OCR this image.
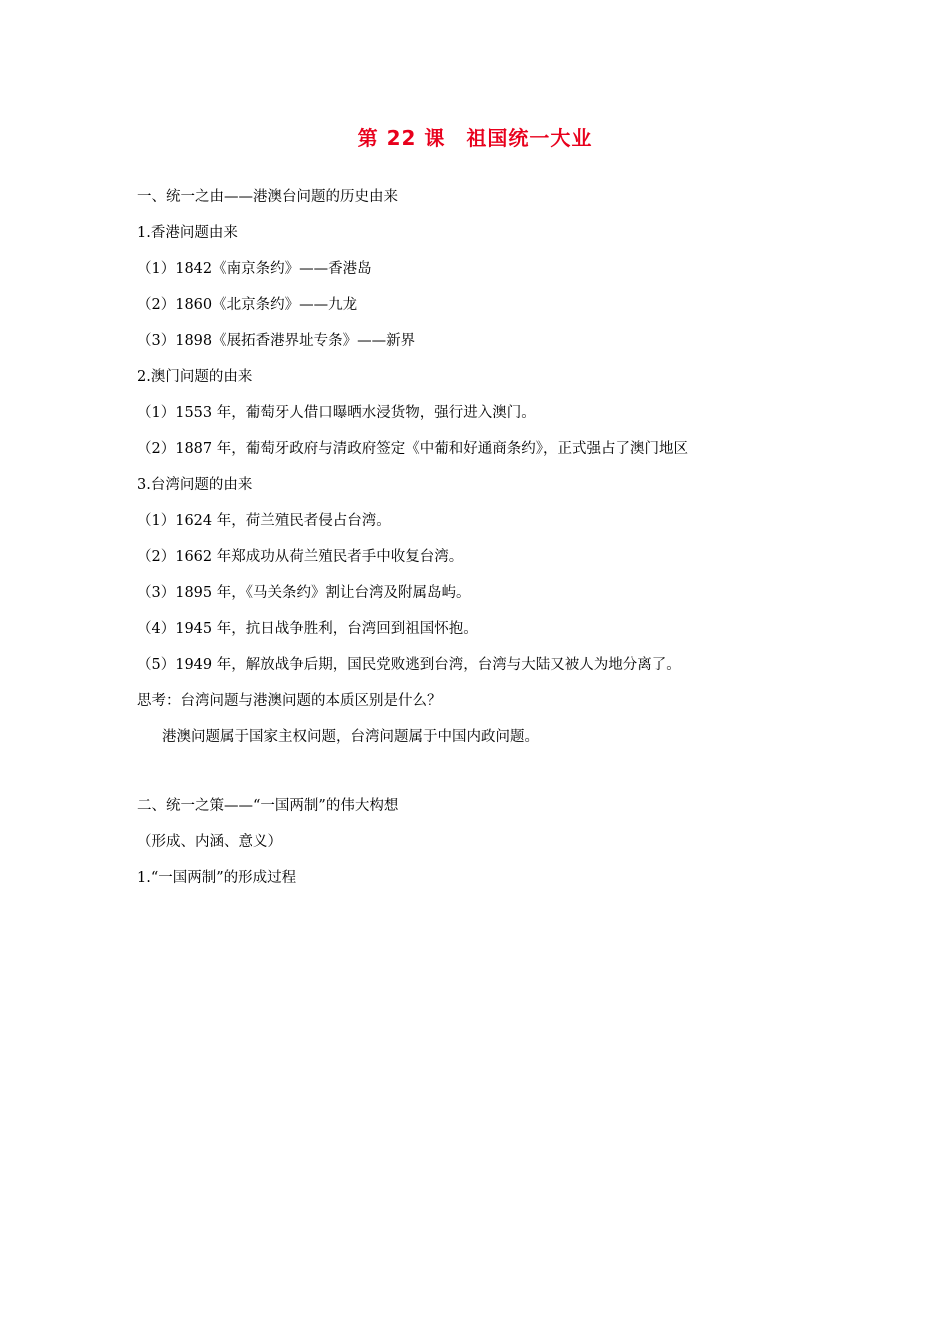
第 22 课　祖国统一大业
一、统一之由——港澳台问题的历史由来
1.香港问题由来
（1）1842《南京条约》——香港岛
（2）1860《北京条约》——九龙
（3）1898《展拓香港界址专条》——新界
2.澳门问题的由来
（1）1553 年，葡萄牙人借口曝晒水浸货物，强行进入澳门。
（2）1887 年，葡萄牙政府与清政府签定《中葡和好通商条约》，正式强占了澳门地区
3.台湾问题的由来
（1）1624 年，荷兰殖民者侵占台湾。
（2）1662 年郑成功从荷兰殖民者手中收复台湾。
（3）1895 年，《马关条约》割让台湾及附属岛屿。
（4）1945 年，抗日战争胜利，台湾回到祖国怀抱。
（5）1949 年，解放战争后期，国民党败逃到台湾，台湾与大陆又被人为地分离了。
思考：台湾问题与港澳问题的本质区别是什么？
港澳问题属于国家主权问题，台湾问题属于中国内政问题。
二、统一之策——“一国两制”的伟大构想
（形成、内涵、意义）
1.“一国两制”的形成过程
